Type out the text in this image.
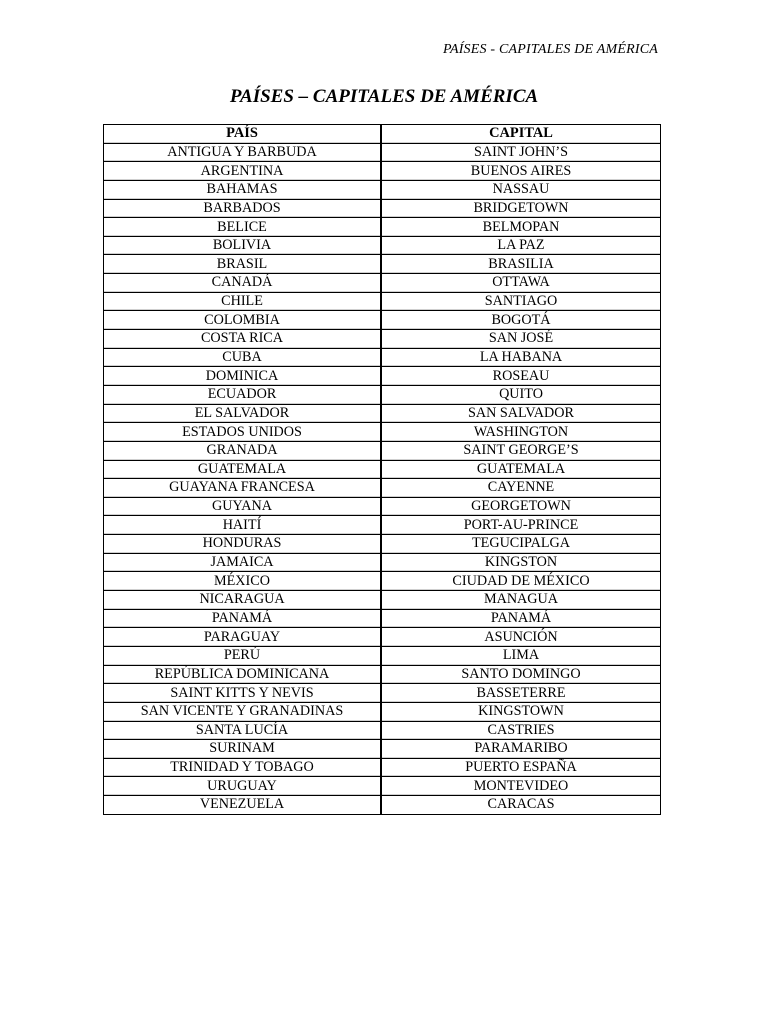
PAÍSES - CAPITALES DE AMÉRICA
PAÍSES – CAPITALES DE AMÉRICA
PAÍS	CAPITAL
ANTIGUA Y BARBUDA	SAINT JOHN’S
ARGENTINA	BUENOS AIRES
BAHAMAS	NASSAU
BARBADOS	BRIDGETOWN
BELICE	BELMOPAN
BOLIVIA	LA PAZ
BRASIL	BRASILIA
CANADÁ	OTTAWA
CHILE	SANTIAGO
COLOMBIA	BOGOTÁ
COSTA RICA	SAN JOSÉ
CUBA	LA HABANA
DOMINICA	ROSEAU
ECUADOR	QUITO
EL SALVADOR	SAN SALVADOR
ESTADOS UNIDOS	WASHINGTON
GRANADA	SAINT GEORGE’S
GUATEMALA	GUATEMALA
GUAYANA FRANCESA	CAYENNE
GUYANA	GEORGETOWN
HAITÍ	PORT-AU-PRINCE
HONDURAS	TEGUCIPALGA
JAMAICA	KINGSTON
MÉXICO	CIUDAD DE MÉXICO
NICARAGUA	MANAGUA
PANAMÁ	PANAMÁ
PARAGUAY	ASUNCIÓN
PERÚ	LIMA
REPÚBLICA DOMINICANA	SANTO DOMINGO
SAINT KITTS Y NEVIS	BASSETERRE
SAN VICENTE Y GRANADINAS	KINGSTOWN
SANTA LUCÍA	CASTRIES
SURINAM	PARAMARIBO
TRINIDAD Y TOBAGO	PUERTO ESPAÑA
URUGUAY	MONTEVIDEO
VENEZUELA	CARACAS
